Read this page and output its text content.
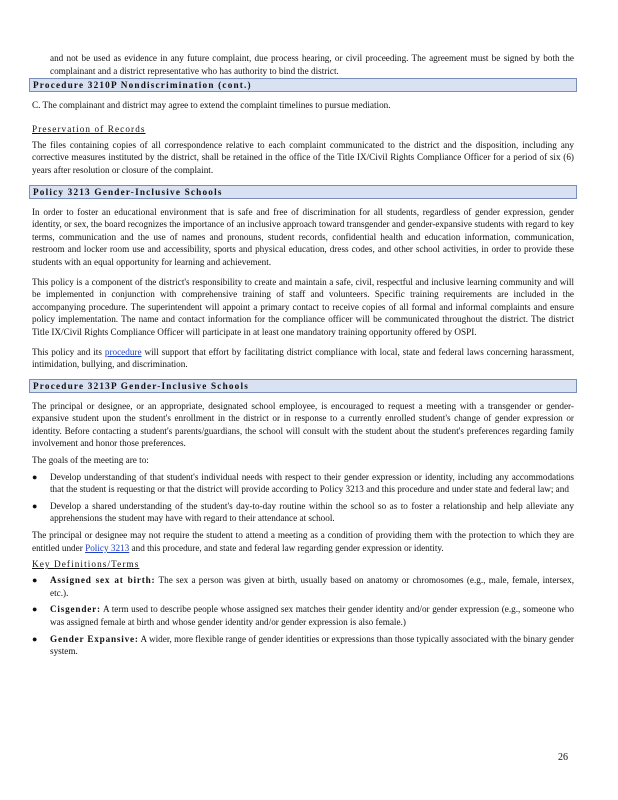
and not be used as evidence in any future complaint, due process hearing, or civil proceeding. The agreement must be signed by both the complainant and a district representative who has authority to bind the district.

Procedure 3210P Nondiscrimination (cont.)

C. The complainant and district may agree to extend the complaint timelines to pursue mediation.

Preservation of Records

The files containing copies of all correspondence relative to each complaint communicated to the district and the disposition, including any corrective measures instituted by the district, shall be retained in the office of the Title IX/Civil Rights Compliance Officer for a period of six (6) years after resolution or closure of the complaint.

Policy 3213 Gender-Inclusive Schools

In order to foster an educational environment that is safe and free of discrimination for all students, regardless of gender expression, gender identity, or sex, the board recognizes the importance of an inclusive approach toward transgender and gender-expansive students with regard to key terms, communication and the use of names and pronouns, student records, confidential health and education information, communication, restroom and locker room use and accessibility, sports and physical education, dress codes, and other school activities, in order to provide these students with an equal opportunity for learning and achievement.

This policy is a component of the district's responsibility to create and maintain a safe, civil, respectful and inclusive learning community and will be implemented in conjunction with comprehensive training of staff and volunteers. Specific training requirements are included in the accompanying procedure. The superintendent will appoint a primary contact to receive copies of all formal and informal complaints and ensure policy implementation. The name and contact information for the compliance officer will be communicated throughout the district. The district Title IX/Civil Rights Compliance Officer will participate in at least one mandatory training opportunity offered by OSPI.

This policy and its procedure will support that effort by facilitating district compliance with local, state and federal laws concerning harassment, intimidation, bullying, and discrimination.

Procedure 3213P Gender-Inclusive Schools

The principal or designee, or an appropriate, designated school employee, is encouraged to request a meeting with a transgender or gender-expansive student upon the student's enrollment in the district or in response to a currently enrolled student's change of gender expression or identity. Before contacting a student's parents/guardians, the school will consult with the student about the student's preferences regarding family involvement and honor those preferences.

The goals of the meeting are to:

●	Develop understanding of that student's individual needs with respect to their gender expression or identity, including any accommodations that the student is requesting or that the district will provide according to Policy 3213 and this procedure and under state and federal law; and

●	Develop a shared understanding of the student's day-to-day routine within the school so as to foster a relationship and help alleviate any apprehensions the student may have with regard to their attendance at school.

The principal or designee may not require the student to attend a meeting as a condition of providing them with the protection to which they are entitled under Policy 3213 and this procedure, and state and federal law regarding gender expression or identity.

Key Definitions/Terms
●	Assigned sex at birth: The sex a person was given at birth, usually based on anatomy or chromosomes (e.g., male, female, intersex, etc.).

●	Cisgender: A term used to describe people whose assigned sex matches their gender identity and/or gender expression (e.g., someone who was assigned female at birth and whose gender identity and/or gender expression is also female.)

●	Gender Expansive: A wider, more flexible range of gender identities or expressions than those typically associated with the binary gender system.

26
